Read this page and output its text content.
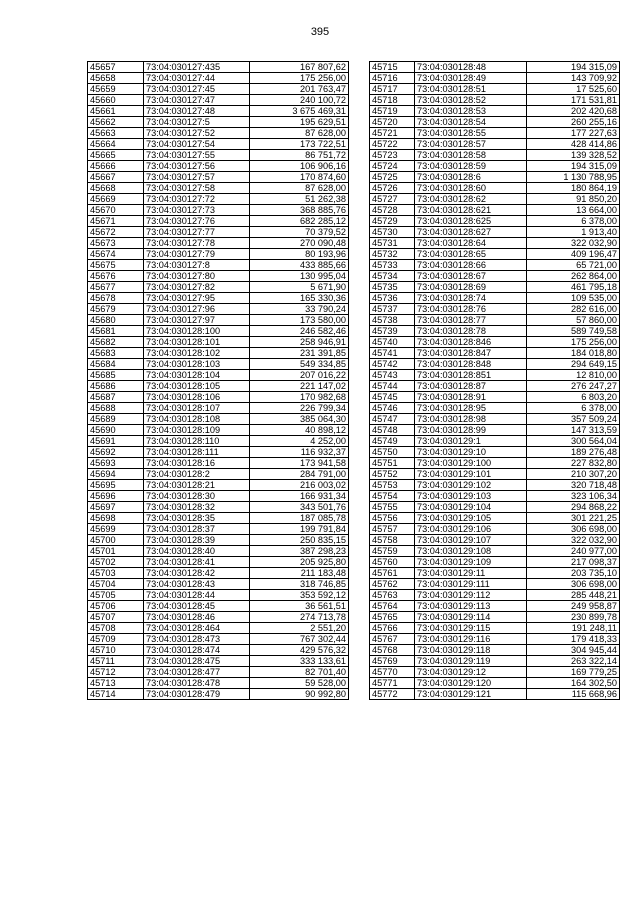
395
45657	73:04:030127:435	167 807,62
45658	73:04:030127:44	175 256,00
45659	73:04:030127:45	201 763,47
45660	73:04:030127:47	240 100,72
45661	73:04:030127:48	3 675 469,31
45662	73:04:030127:5	195 629,51
45663	73:04:030127:52	87 628,00
45664	73:04:030127:54	173 722,51
45665	73:04:030127:55	86 751,72
45666	73:04:030127:56	106 906,16
45667	73:04:030127:57	170 874,60
45668	73:04:030127:58	87 628,00
45669	73:04:030127:72	51 262,38
45670	73:04:030127:73	368 885,76
45671	73:04:030127:76	682 285,12
45672	73:04:030127:77	70 379,52
45673	73:04:030127:78	270 090,48
45674	73:04:030127:79	80 193,96
45675	73:04:030127:8	433 885,66
45676	73:04:030127:80	130 995,04
45677	73:04:030127:82	5 671,90
45678	73:04:030127:95	165 330,36
45679	73:04:030127:96	33 790,24
45680	73:04:030127:97	173 580,00
45681	73:04:030128:100	246 582,46
45682	73:04:030128:101	258 946,91
45683	73:04:030128:102	231 391,85
45684	73:04:030128:103	549 334,85
45685	73:04:030128:104	207 016,22
45686	73:04:030128:105	221 147,02
45687	73:04:030128:106	170 982,68
45688	73:04:030128:107	226 799,34
45689	73:04:030128:108	385 064,30
45690	73:04:030128:109	40 898,12
45691	73:04:030128:110	4 252,00
45692	73:04:030128:111	116 932,37
45693	73:04:030128:16	173 941,58
45694	73:04:030128:2	284 791,00
45695	73:04:030128:21	216 003,02
45696	73:04:030128:30	166 931,34
45697	73:04:030128:32	343 501,76
45698	73:04:030128:35	187 085,78
45699	73:04:030128:37	199 791,84
45700	73:04:030128:39	250 835,15
45701	73:04:030128:40	387 298,23
45702	73:04:030128:41	205 925,80
45703	73:04:030128:42	211 183,48
45704	73:04:030128:43	318 746,85
45705	73:04:030128:44	353 592,12
45706	73:04:030128:45	36 561,51
45707	73:04:030128:46	274 713,78
45708	73:04:030128:464	2 551,20
45709	73:04:030128:473	767 302,44
45710	73:04:030128:474	429 576,32
45711	73:04:030128:475	333 133,61
45712	73:04:030128:477	82 701,40
45713	73:04:030128:478	59 528,00
45714	73:04:030128:479	90 992,80
45715	73:04:030128:48	194 315,09
45716	73:04:030128:49	143 709,92
45717	73:04:030128:51	17 525,60
45718	73:04:030128:52	171 531,81
45719	73:04:030128:53	202 420,68
45720	73:04:030128:54	260 255,16
45721	73:04:030128:55	177 227,63
45722	73:04:030128:57	428 414,86
45723	73:04:030128:58	139 328,52
45724	73:04:030128:59	194 315,09
45725	73:04:030128:6	1 130 788,95
45726	73:04:030128:60	180 864,19
45727	73:04:030128:62	91 850,20
45728	73:04:030128:621	13 664,00
45729	73:04:030128:625	6 378,00
45730	73:04:030128:627	1 913,40
45731	73:04:030128:64	322 032,90
45732	73:04:030128:65	409 196,47
45733	73:04:030128:66	65 721,00
45734	73:04:030128:67	262 864,00
45735	73:04:030128:69	461 795,18
45736	73:04:030128:74	109 535,00
45737	73:04:030128:76	282 616,00
45738	73:04:030128:77	57 860,00
45739	73:04:030128:78	589 749,58
45740	73:04:030128:846	175 256,00
45741	73:04:030128:847	184 018,80
45742	73:04:030128:848	294 649,15
45743	73:04:030128:851	12 810,00
45744	73:04:030128:87	276 247,27
45745	73:04:030128:91	6 803,20
45746	73:04:030128:95	6 378,00
45747	73:04:030128:98	357 509,24
45748	73:04:030128:99	147 313,59
45749	73:04:030129:1	300 564,04
45750	73:04:030129:10	189 276,48
45751	73:04:030129:100	227 832,80
45752	73:04:030129:101	210 307,20
45753	73:04:030129:102	320 718,48
45754	73:04:030129:103	323 106,34
45755	73:04:030129:104	294 868,22
45756	73:04:030129:105	301 221,25
45757	73:04:030129:106	306 698,00
45758	73:04:030129:107	322 032,90
45759	73:04:030129:108	240 977,00
45760	73:04:030129:109	217 098,37
45761	73:04:030129:11	203 735,10
45762	73:04:030129:111	306 698,00
45763	73:04:030129:112	285 448,21
45764	73:04:030129:113	249 958,87
45765	73:04:030129:114	230 899,78
45766	73:04:030129:115	191 248,11
45767	73:04:030129:116	179 418,33
45768	73:04:030129:118	304 945,44
45769	73:04:030129:119	263 322,14
45770	73:04:030129:12	169 779,25
45771	73:04:030129:120	164 302,50
45772	73:04:030129:121	115 668,96
